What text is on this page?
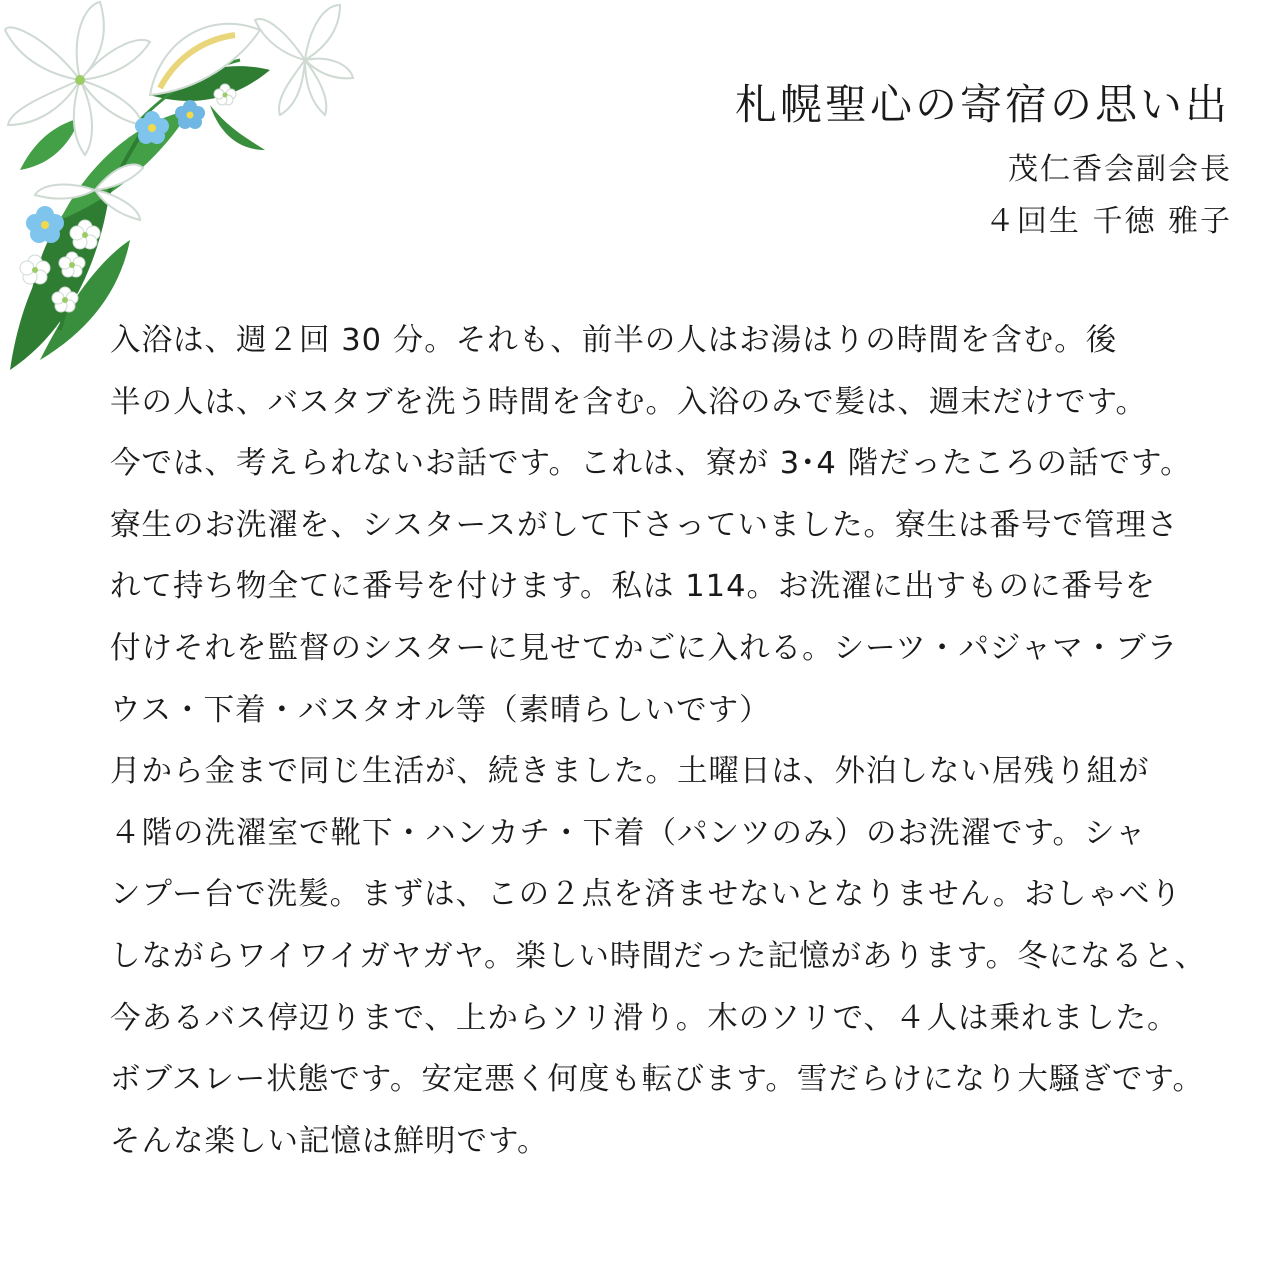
札幌聖心の寄宿の思い出
茂仁香会副会長
４回生 千徳 雅子

入浴は、週２回 30 分。それも、前半の人はお湯はりの時間を含む。後

半の人は、バスタブを洗う時間を含む。入浴のみで髪は、週末だけです。

今では、考えられないお話です。これは、寮が 3･4 階だったころの話です。

寮生のお洗濯を、シスタースがして下さっていました。寮生は番号で管理さ

れて持ち物全てに番号を付けます。私は 114。お洗濯に出すものに番号を

付けそれを監督のシスターに見せてかごに入れる。シーツ・パジャマ・ブラ

ウス・下着・バスタオル等（素晴らしいです）

月から金まで同じ生活が、続きました。土曜日は、外泊しない居残り組が

４階の洗濯室で靴下・ハンカチ・下着（パンツのみ）のお洗濯です。シャ

ンプー台で洗髪。まずは、この２点を済ませないとなりません。おしゃべり

しながらワイワイガヤガヤ。楽しい時間だった記憶があります。冬になると、

今あるバス停辺りまで、上からソリ滑り。木のソリで、４人は乗れました。

ボブスレー状態です。安定悪く何度も転びます。雪だらけになり大騒ぎです。

そんな楽しい記憶は鮮明です。
